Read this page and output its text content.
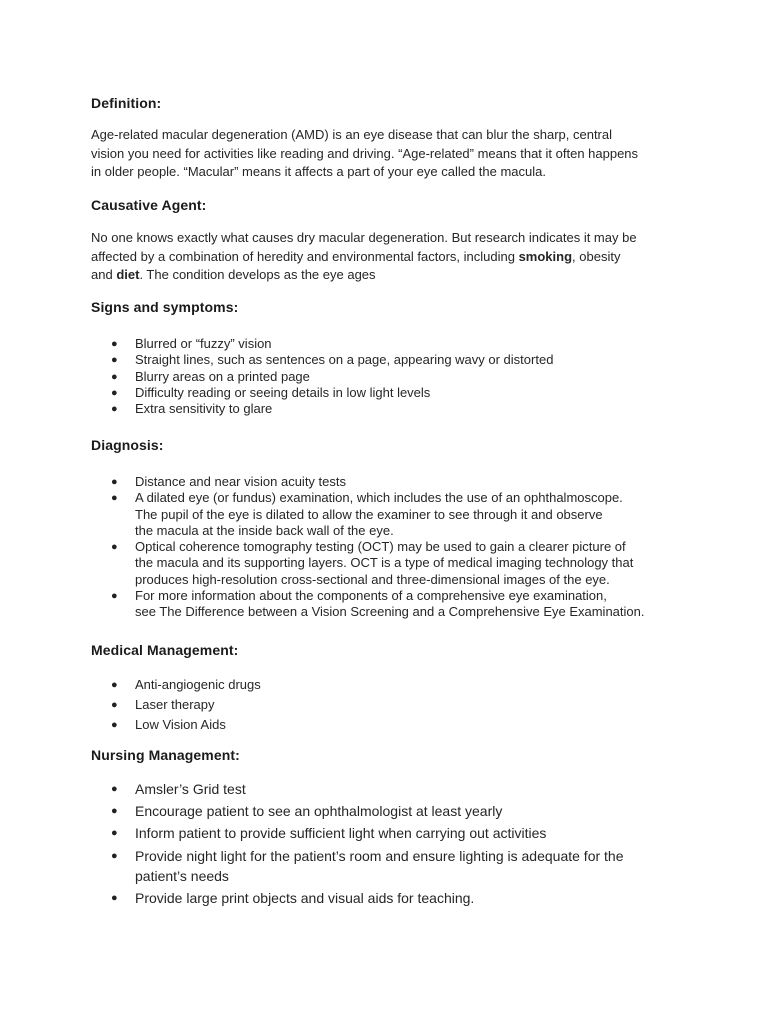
Definition:

Age-related macular degeneration (AMD) is an eye disease that can blur the sharp, central
vision you need for activities like reading and driving. “Age-related” means that it often happens
in older people. “Macular” means it affects a part of your eye called the macula.

Causative Agent:

No one knows exactly what causes dry macular degeneration. But research indicates it may be
affected by a combination of heredity and environmental factors, including smoking, obesity
and diet. The condition develops as the eye ages

Signs and symptoms:
● Blurred or “fuzzy” vision
● Straight lines, such as sentences on a page, appearing wavy or distorted
● Blurry areas on a printed page
● Difficulty reading or seeing details in low light levels
● Extra sensitivity to glare
Diagnosis:
● Distance and near vision acuity tests
● A dilated eye (or fundus) examination, which includes the use of an ophthalmoscope.
The pupil of the eye is dilated to allow the examiner to see through it and observe
the macula at the inside back wall of the eye.
● Optical coherence tomography testing (OCT) may be used to gain a clearer picture of
the macula and its supporting layers. OCT is a type of medical imaging technology that
produces high-resolution cross-sectional and three-dimensional images of the eye.
● For more information about the components of a comprehensive eye examination,
see The Difference between a Vision Screening and a Comprehensive Eye Examination.
Medical Management:
● Anti-angiogenic drugs
● Laser therapy
● Low Vision Aids
Nursing Management:
● Amsler’s Grid test
● Encourage patient to see an ophthalmologist at least yearly
● Inform patient to provide sufficient light when carrying out activities
● Provide night light for the patient’s room and ensure lighting is adequate for the
patient’s needs
● Provide large print objects and visual aids for teaching.
